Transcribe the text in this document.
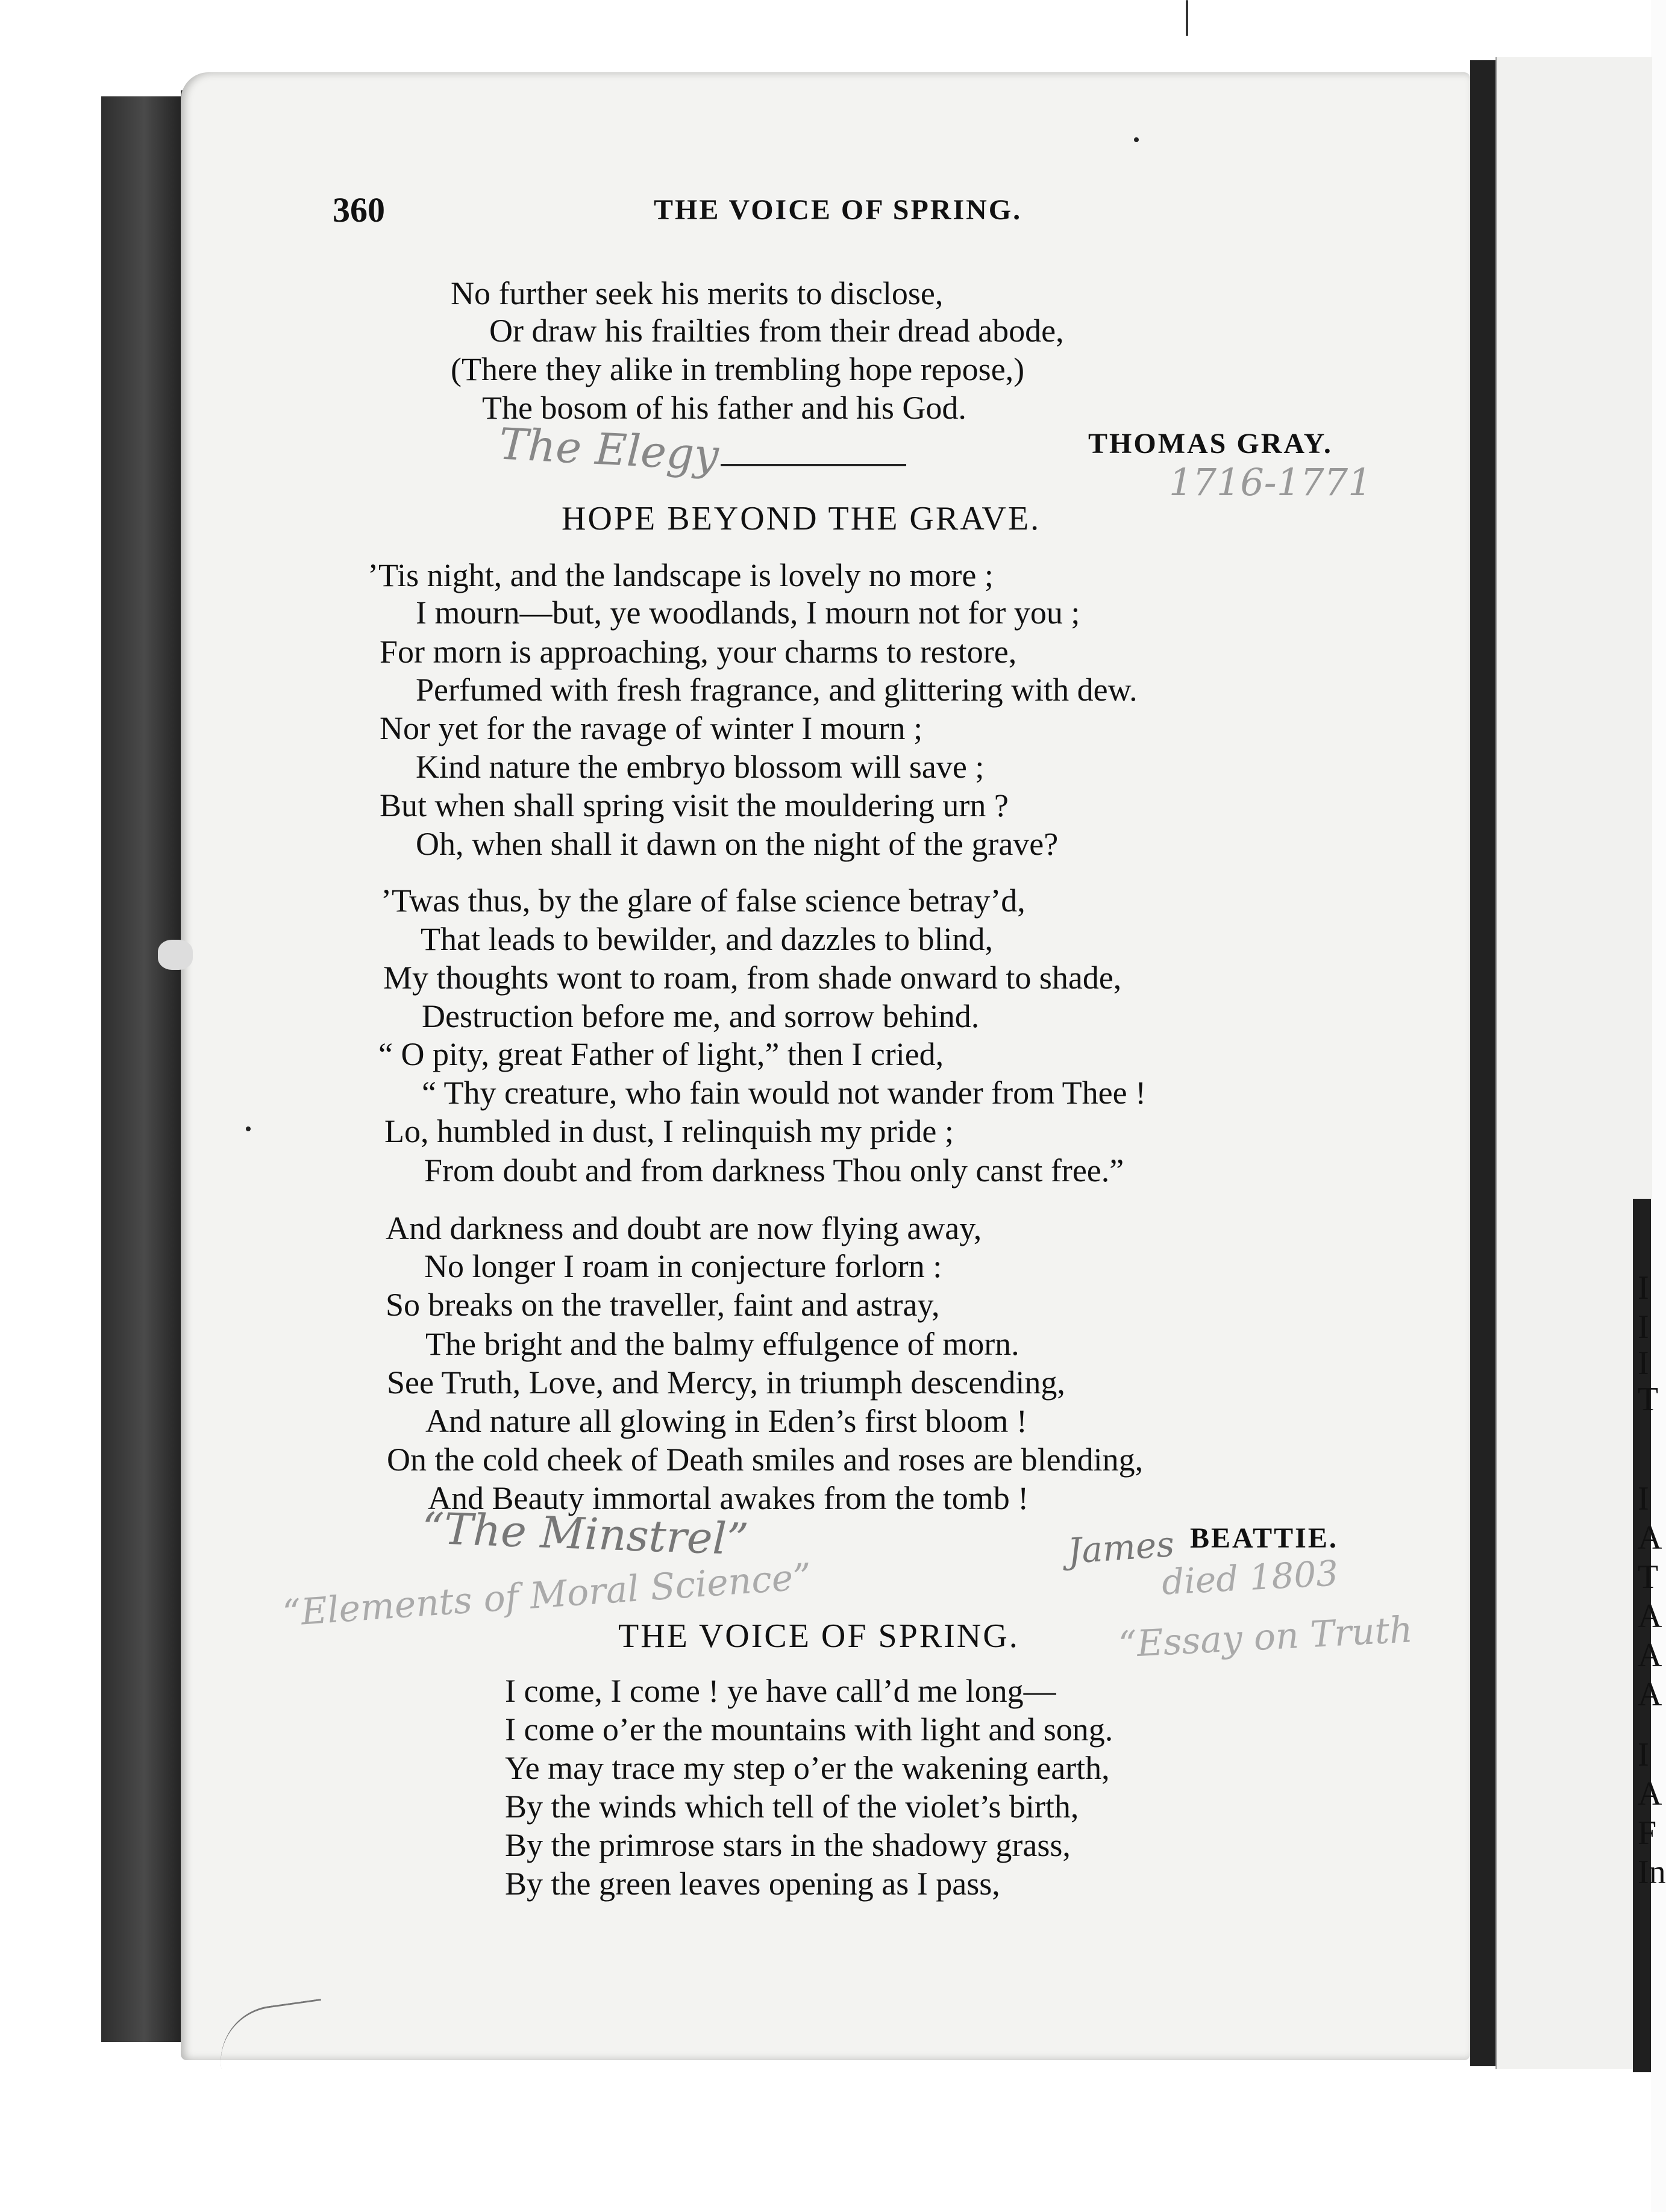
360	THE VOICE OF SPRING.
No further seek his merits to disclose,
Or draw his frailties from their dread abode,
(There they alike in trembling hope repose,)
The bosom of his father and his God.
THOMAS GRAY.
HOPE BEYOND THE GRAVE.
’Tis night, and the landscape is lovely no more ;
I mourn—but, ye woodlands, I mourn not for you ;
For morn is approaching, your charms to restore,
Perfumed with fresh fragrance, and glittering with dew.
Nor yet for the ravage of winter I mourn ;
Kind nature the embryo blossom will save ;
But when shall spring visit the mouldering urn ?
Oh, when shall it dawn on the night of the grave?
’Twas thus, by the glare of false science betray’d,
That leads to bewilder, and dazzles to blind,
My thoughts wont to roam, from shade onward to shade,
Destruction before me, and sorrow behind.
“ O pity, great Father of light,” then I cried,
“ Thy creature, who fain would not wander from Thee !
Lo, humbled in dust, I relinquish my pride ;
From doubt and from darkness Thou only canst free.”
And darkness and doubt are now flying away,
No longer I roam in conjecture forlorn :
So breaks on the traveller, faint and astray,
The bright and the balmy effulgence of morn.
See Truth, Love, and Mercy, in triumph descending,
And nature all glowing in Eden’s first bloom !
On the cold cheek of Death smiles and roses are blending,
And Beauty immortal awakes from the tomb !
BEATTIE.
THE VOICE OF SPRING.
I come, I come ! ye have call’d me long—
I come o’er the mountains with light and song.
Ye may trace my step o’er the wakening earth,
By the winds which tell of the violet’s birth,
By the primrose stars in the shadowy grass,
By the green leaves opening as I pass,
The Elegy
1716-1771
“The Minstrel”	James
died 1803
“Elements of Moral Science”
“Essay on Truth
I
I
I
T
I
A
T
A
A
A
I
A
F
In
